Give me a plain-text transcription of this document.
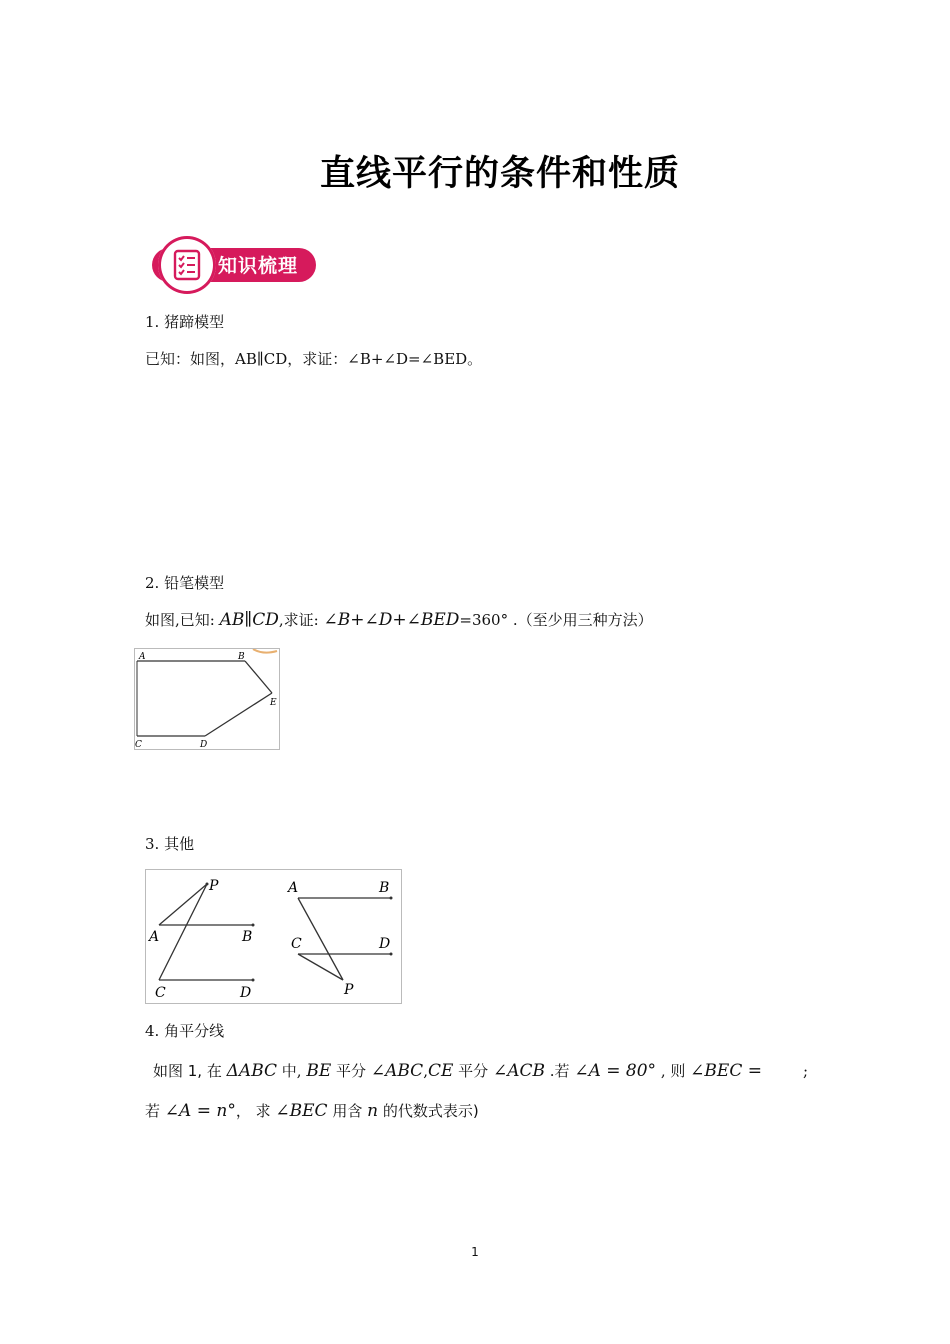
直线平行的条件和性质
知识梳理
1. 猪蹄模型
已知：如图，AB∥CD，求证：∠B+∠D=∠BED。
2. 铅笔模型
如图,已知: AB∥CD,求证: ∠B+∠D+∠BED=360° .（至少用三种方法）
A	B
E
C	D
3. 其他
P
A	B
C	D
A	B
C	D
P
4. 角平分线
如图 1, 在 ΔABC 中, BE 平分 ∠ABC,CE 平分 ∠ACB .若 ∠A = 80° , 则 ∠BEC =	;
若 ∠A = n°， 求 ∠BEC 用含 n 的代数式表示)
1
